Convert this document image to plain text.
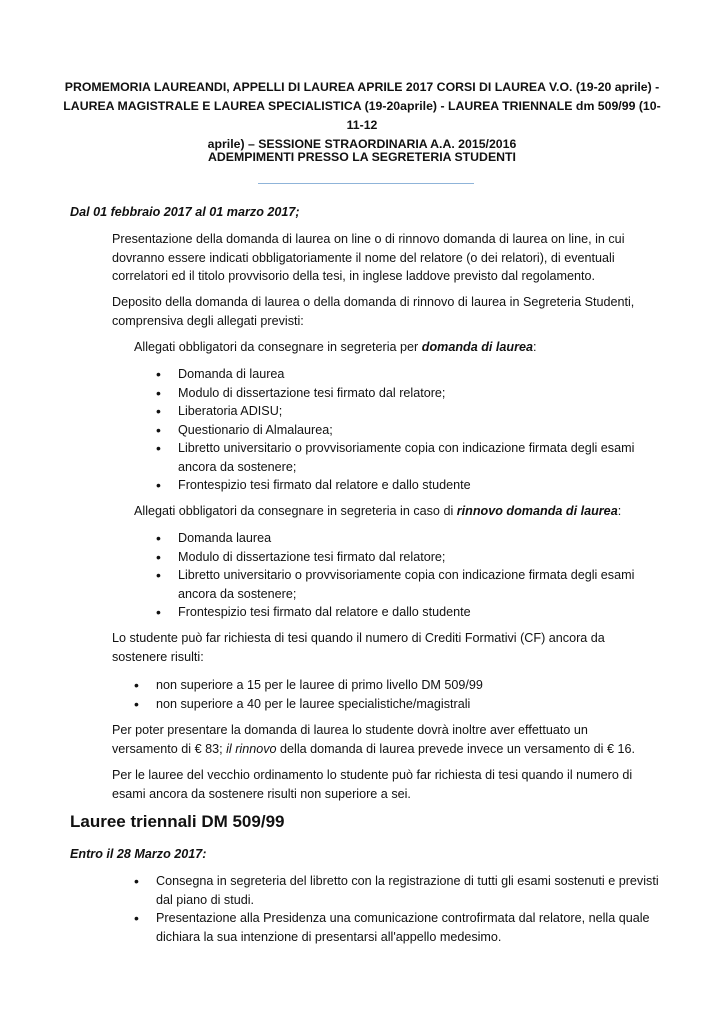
PROMEMORIA LAUREANDI, APPELLI DI LAUREA APRILE 2017 CORSI DI LAUREA V.O. (19-20 aprile) -
LAUREA MAGISTRALE E LAUREA SPECIALISTICA (19-20aprile) - LAUREA TRIENNALE dm 509/99 (10-11-12
aprile) – SESSIONE STRAORDINARIA A.A. 2015/2016
ADEMPIMENTI PRESSO LA SEGRETERIA STUDENTI
Dal 01 febbraio 2017 al 01 marzo 2017;
Presentazione della domanda di laurea on line o di rinnovo domanda di laurea on line, in cui dovranno essere indicati obbligatoriamente il nome del relatore (o dei relatori), di eventuali correlatori ed il titolo provvisorio della tesi, in inglese laddove previsto dal regolamento.
Deposito della domanda di laurea o della domanda di rinnovo di laurea in Segreteria Studenti, comprensiva degli allegati previsti:
Allegati obbligatori da consegnare in segreteria per domanda di laurea:
• Domanda di laurea
• Modulo di dissertazione tesi firmato dal relatore;
• Liberatoria ADISU;
• Questionario di Almalaurea;
• Libretto universitario o provvisoriamente copia con indicazione firmata degli esami ancora da sostenere;
• Frontespizio tesi firmato dal relatore e dallo studente
Allegati obbligatori da consegnare in segreteria in caso di rinnovo domanda di laurea:
• Domanda laurea
• Modulo di dissertazione tesi firmato dal relatore;
• Libretto universitario o provvisoriamente copia con indicazione firmata degli esami ancora da sostenere;
• Frontespizio tesi firmato dal relatore e dallo studente
Lo studente può far richiesta di tesi quando il numero di Crediti Formativi (CF) ancora da sostenere risulti:
• non superiore a 15 per le lauree di primo livello DM 509/99
• non superiore a 40 per le lauree specialistiche/magistrali
Per poter presentare la domanda di laurea lo studente dovrà inoltre aver effettuato un versamento di € 83; il rinnovo della domanda di laurea prevede invece un versamento di € 16.
Per le lauree del vecchio ordinamento lo studente può far richiesta di tesi quando il numero di esami ancora da sostenere risulti non superiore a sei.
Lauree triennali DM 509/99
Entro il 28 Marzo 2017:
• Consegna in segreteria del libretto con la registrazione di tutti gli esami sostenuti e previsti dal piano di studi.
• Presentazione alla Presidenza una comunicazione controfirmata dal relatore, nella quale dichiara la sua intenzione di presentarsi all'appello medesimo.
